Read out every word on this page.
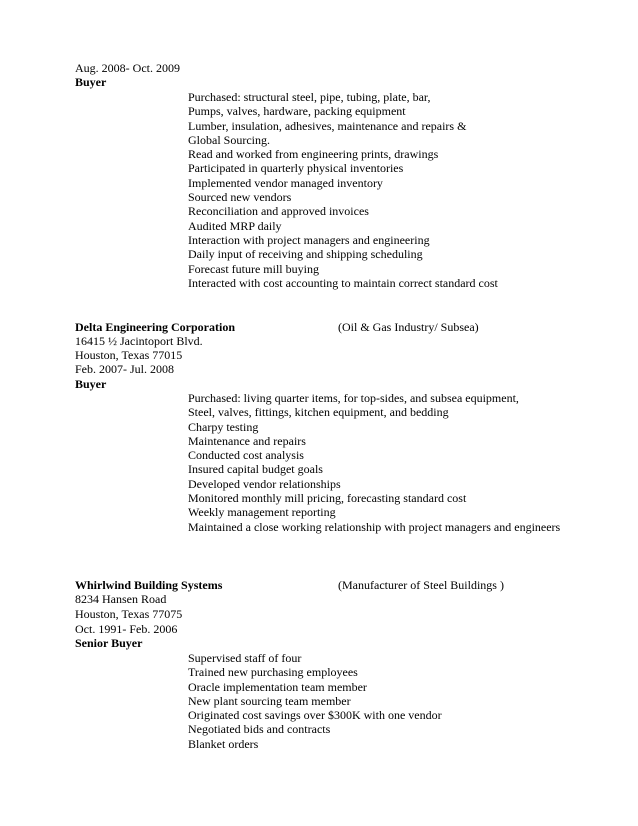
Aug. 2008- Oct. 2009
Buyer
Purchased: structural steel, pipe, tubing, plate, bar,
Pumps, valves, hardware, packing equipment
Lumber, insulation, adhesives, maintenance and repairs &
Global Sourcing.
Read and worked from engineering prints, drawings
Participated in quarterly physical inventories
Implemented vendor managed inventory
Sourced new vendors
Reconciliation and approved invoices
Audited MRP daily
Interaction with project managers and engineering
Daily input of receiving and shipping scheduling
Forecast future mill buying
Interacted with cost accounting to maintain correct standard cost
Delta Engineering Corporation	(Oil & Gas Industry/ Subsea)
16415 ½ Jacintoport Blvd.
Houston, Texas 77015
Feb. 2007- Jul. 2008
Buyer
Purchased: living quarter items, for top-sides, and subsea equipment,
Steel, valves, fittings, kitchen equipment, and bedding
Charpy testing
Maintenance and repairs
Conducted cost analysis
Insured capital budget goals
Developed vendor relationships
Monitored monthly mill pricing, forecasting standard cost
Weekly management reporting
Maintained a close working relationship with project managers and engineers
Whirlwind Building Systems	(Manufacturer of Steel Buildings )
8234 Hansen Road
Houston, Texas 77075
Oct. 1991- Feb. 2006
Senior Buyer
Supervised staff of four
Trained new purchasing employees
Oracle implementation team member
New plant sourcing team member
Originated cost savings over $300K with one vendor
Negotiated bids and contracts
Blanket orders
